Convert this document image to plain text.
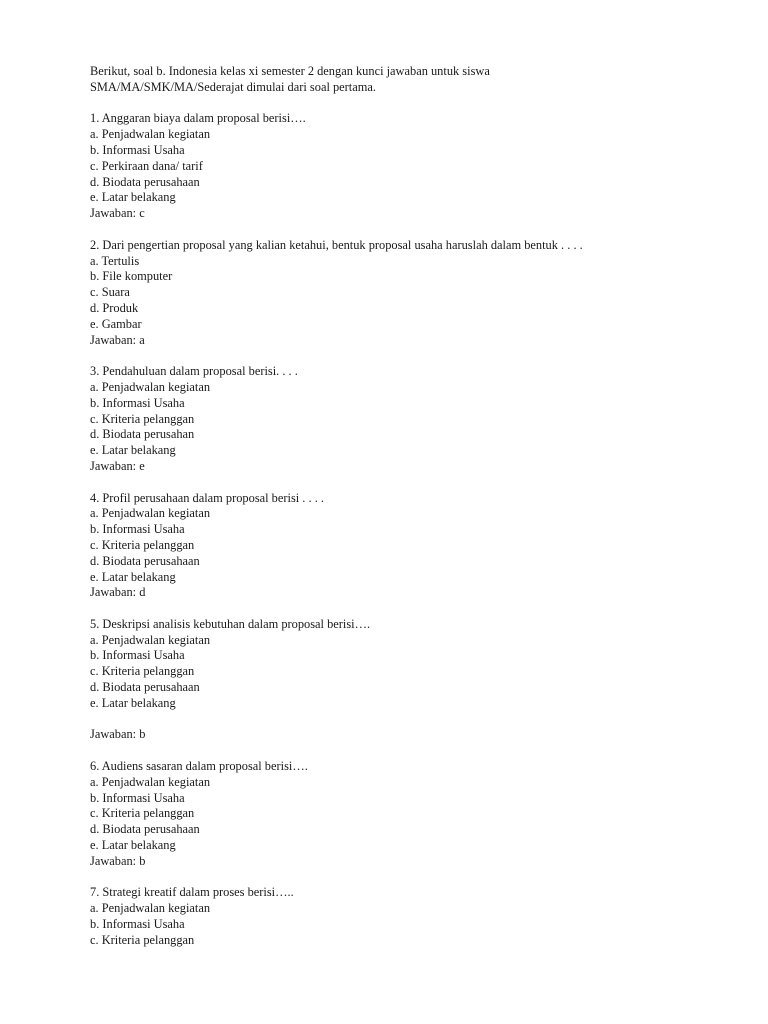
Berikut, soal b. Indonesia kelas xi semester 2 dengan kunci jawaban untuk siswa
SMA/MA/SMK/MA/Sederajat dimulai dari soal pertama.
1. Anggaran biaya dalam proposal berisi….
a. Penjadwalan kegiatan
b. Informasi Usaha
c. Perkiraan dana/ tarif
d. Biodata perusahaan
e. Latar belakang
Jawaban: c
2. Dari pengertian proposal yang kalian ketahui, bentuk proposal usaha haruslah dalam bentuk . . . .
a. Tertulis
b. File komputer
c. Suara
d. Produk
e. Gambar
Jawaban: a
3. Pendahuluan dalam proposal berisi. . . .
a. Penjadwalan kegiatan
b. Informasi Usaha
c. Kriteria pelanggan
d. Biodata perusahan
e. Latar belakang
Jawaban: e
4. Profil perusahaan dalam proposal berisi . . . .
a. Penjadwalan kegiatan
b. Informasi Usaha
c. Kriteria pelanggan
d. Biodata perusahaan
e. Latar belakang
Jawaban: d
5. Deskripsi analisis kebutuhan dalam proposal berisi….
a. Penjadwalan kegiatan
b. Informasi Usaha
c. Kriteria pelanggan
d. Biodata perusahaan
e. Latar belakang
Jawaban: b
6. Audiens sasaran dalam proposal berisi….
a. Penjadwalan kegiatan
b. Informasi Usaha
c. Kriteria pelanggan
d. Biodata perusahaan
e. Latar belakang
Jawaban: b
7. Strategi kreatif dalam proses berisi…..
a. Penjadwalan kegiatan
b. Informasi Usaha
c. Kriteria pelanggan
